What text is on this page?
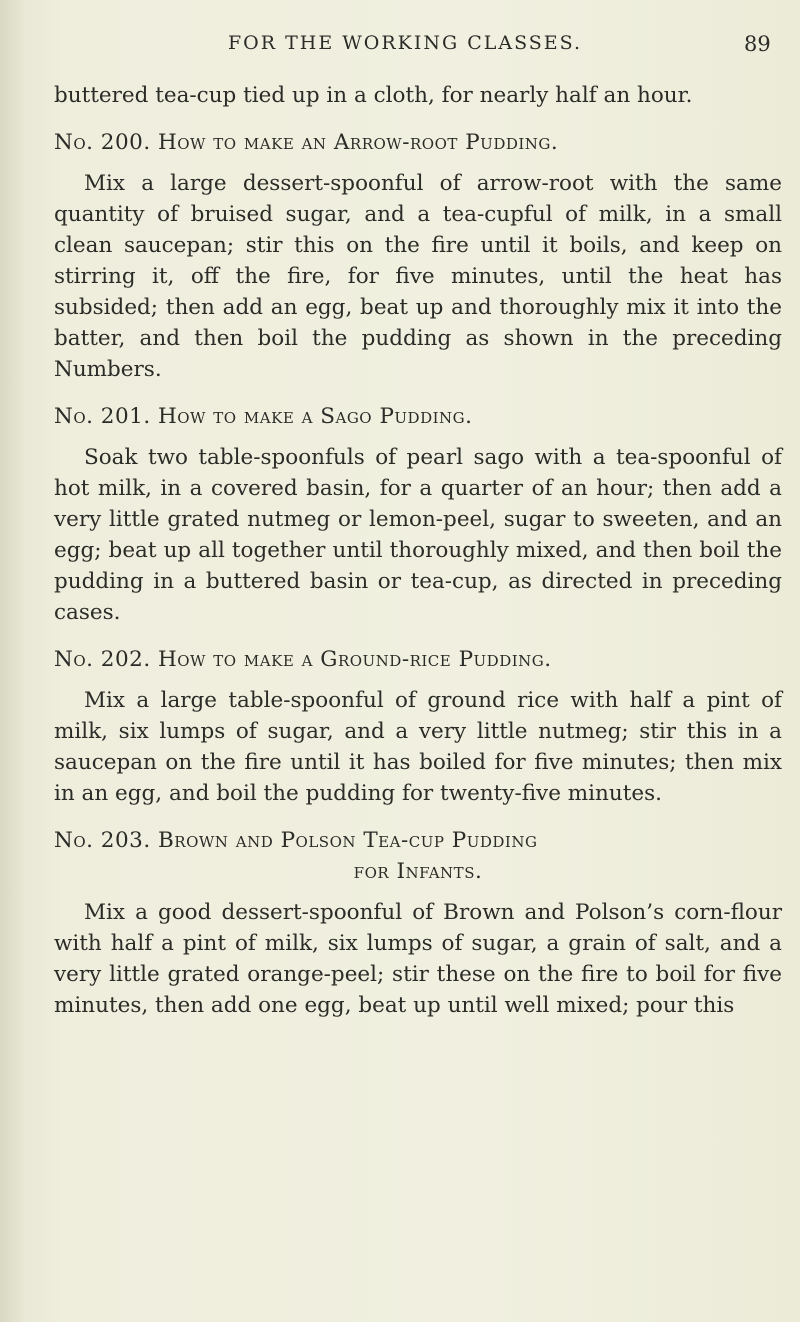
FOR THE WORKING CLASSES.	89

buttered tea-cup tied up in a cloth, for nearly half an hour.

No. 200. How to make an Arrow-root Pudding.

Mix a large dessert-spoonful of arrow-root with the same quantity of bruised sugar, and a tea-cupful of milk, in a small clean saucepan; stir this on the fire until it boils, and keep on stirring it, off the fire, for five minutes, until the heat has subsided; then add an egg, beat up and thoroughly mix it into the batter, and then boil the pudding as shown in the preceding Numbers.

No. 201. How to make a Sago Pudding.

Soak two table-spoonfuls of pearl sago with a tea-spoonful of hot milk, in a covered basin, for a quarter of an hour; then add a very little grated nutmeg or lemon-peel, sugar to sweeten, and an egg; beat up all together until thoroughly mixed, and then boil the pudding in a buttered basin or tea-cup, as directed in preceding cases.

No. 202. How to make a Ground-rice Pudding.

Mix a large table-spoonful of ground rice with half a pint of milk, six lumps of sugar, and a very little nutmeg; stir this in a saucepan on the fire until it has boiled for five minutes; then mix in an egg, and boil the pudding for twenty-five minutes.

No. 203. Brown and Polson Tea-cup Pudding
for Infants.

Mix a good dessert-spoonful of Brown and Polson’s corn-flour with half a pint of milk, six lumps of sugar, a grain of salt, and a very little grated orange-peel; stir these on the fire to boil for five minutes, then add one egg, beat up until well mixed; pour this
